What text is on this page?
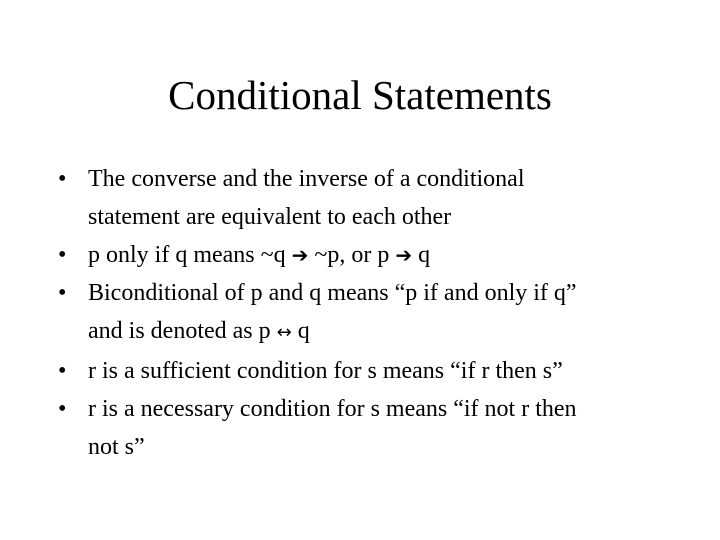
Conditional Statements
• The converse and the inverse of a conditional
statement are equivalent to each other
• p only if q means ~q ➔ ~p, or p ➔ q
• Biconditional of p and q means “p if and only if q”
and is denoted as p ↔ q
• r is a sufficient condition for s means “if r then s”
• r is a necessary condition for s means “if not r then
not s”
